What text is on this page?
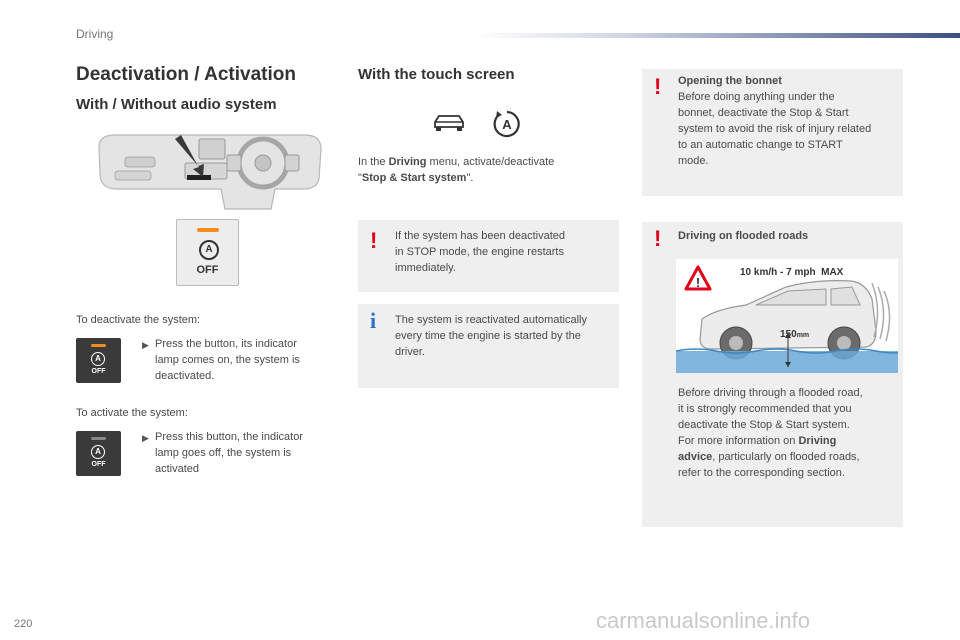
Driving
Deactivation / Activation
With / Without audio system
A
OFF
To deactivate the system:
A
OFF
▶ Press the button, its indicator
lamp comes on, the system is
deactivated.
To activate the system:
A
OFF
▶ Press this button, the indicator
lamp goes off, the system is
activated
With the touch screen
A
In the Driving menu, activate/deactivate
"Stop & Start system".
! If the system has been deactivated
in STOP mode, the engine restarts
immediately.
i The system is reactivated automatically
every time the engine is started by the
driver.
! Opening the bonnet
Before doing anything under the
bonnet, deactivate the Stop & Start
system to avoid the risk of injury related
to an automatic change to START
mode.
! Driving on flooded roads
!
10 km/h - 7 mph  MAX
150mm
Before driving through a flooded road,
it is strongly recommended that you
deactivate the Stop & Start system.
For more information on Driving
advice, particularly on flooded roads,
refer to the corresponding section.
220	carmanualsonline.info
